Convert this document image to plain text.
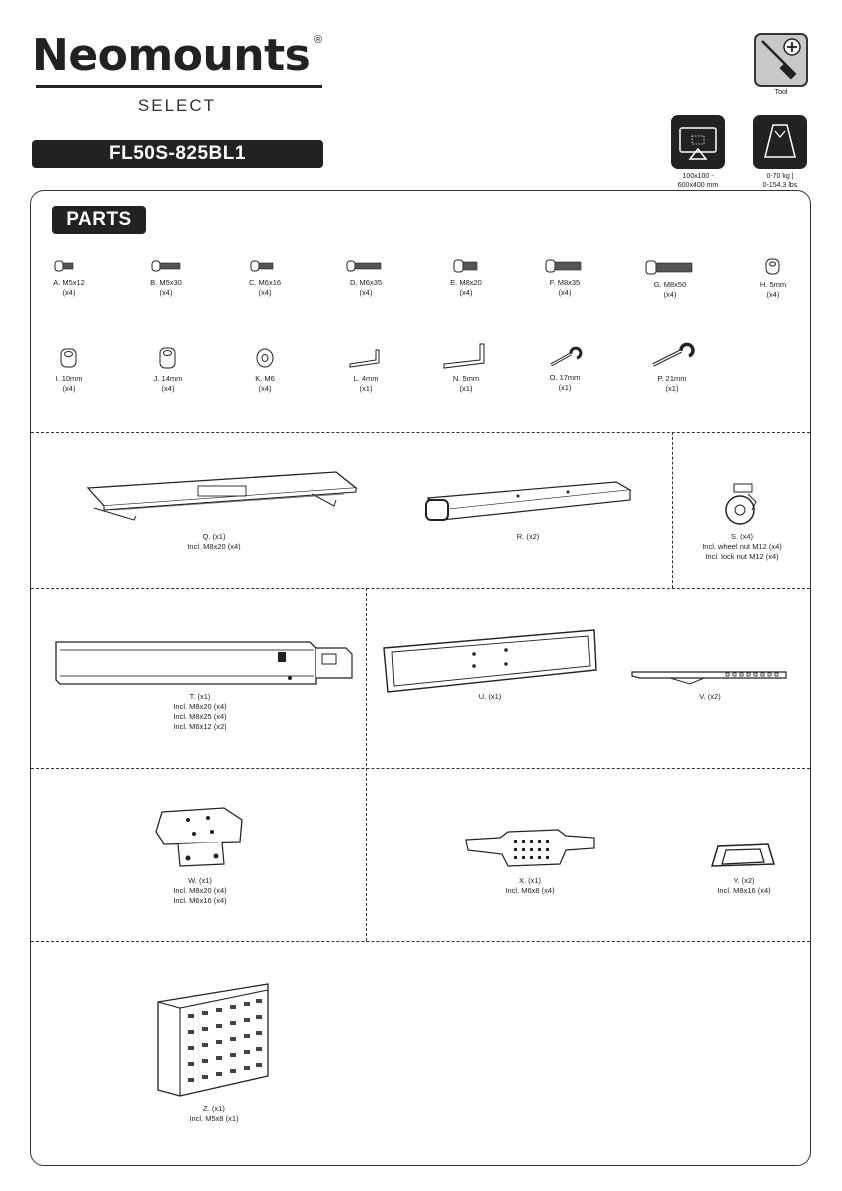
Neomounts ®
SELECT
FL50S-825BL1
Tool
100x100 -
600x400 mm
0-70 kg |
0-154.3 lbs
PARTS
A. M5x12
(x4)
B. M5x30
(x4)
C. M6x16
(x4)
D. M6x35
(x4)
E. M8x20
(x4)
F. M8x35
(x4)
G. M8x50
(x4)
H. 5mm
(x4)
I. 10mm
(x4)
J. 14mm
(x4)
K. M6
(x4)
L. 4mm
(x1)
N. 5mm
(x1)
O. 17mm
(x1)
P. 21mm
(x1)
Q. (x1)
Incl. M8x20 (x4)
R. (x2)	S. (x4)
Incl. wheel nut M12 (x4)
Incl. lock nut M12 (x4)
T. (x1)
Incl. M8x20 (x4)
Incl. M8x25 (x4)
Incl. M6x12 (x2)
U. (x1)	V. (x2)
W. (x1)
Incl. M8x20 (x4)
Incl. M6x16 (x4)
X. (x1)
Incl. M6x8 (x4)
Y. (x2)
Incl. M8x16 (x4)
Z. (x1)
Incl. M5x8 (x1)
